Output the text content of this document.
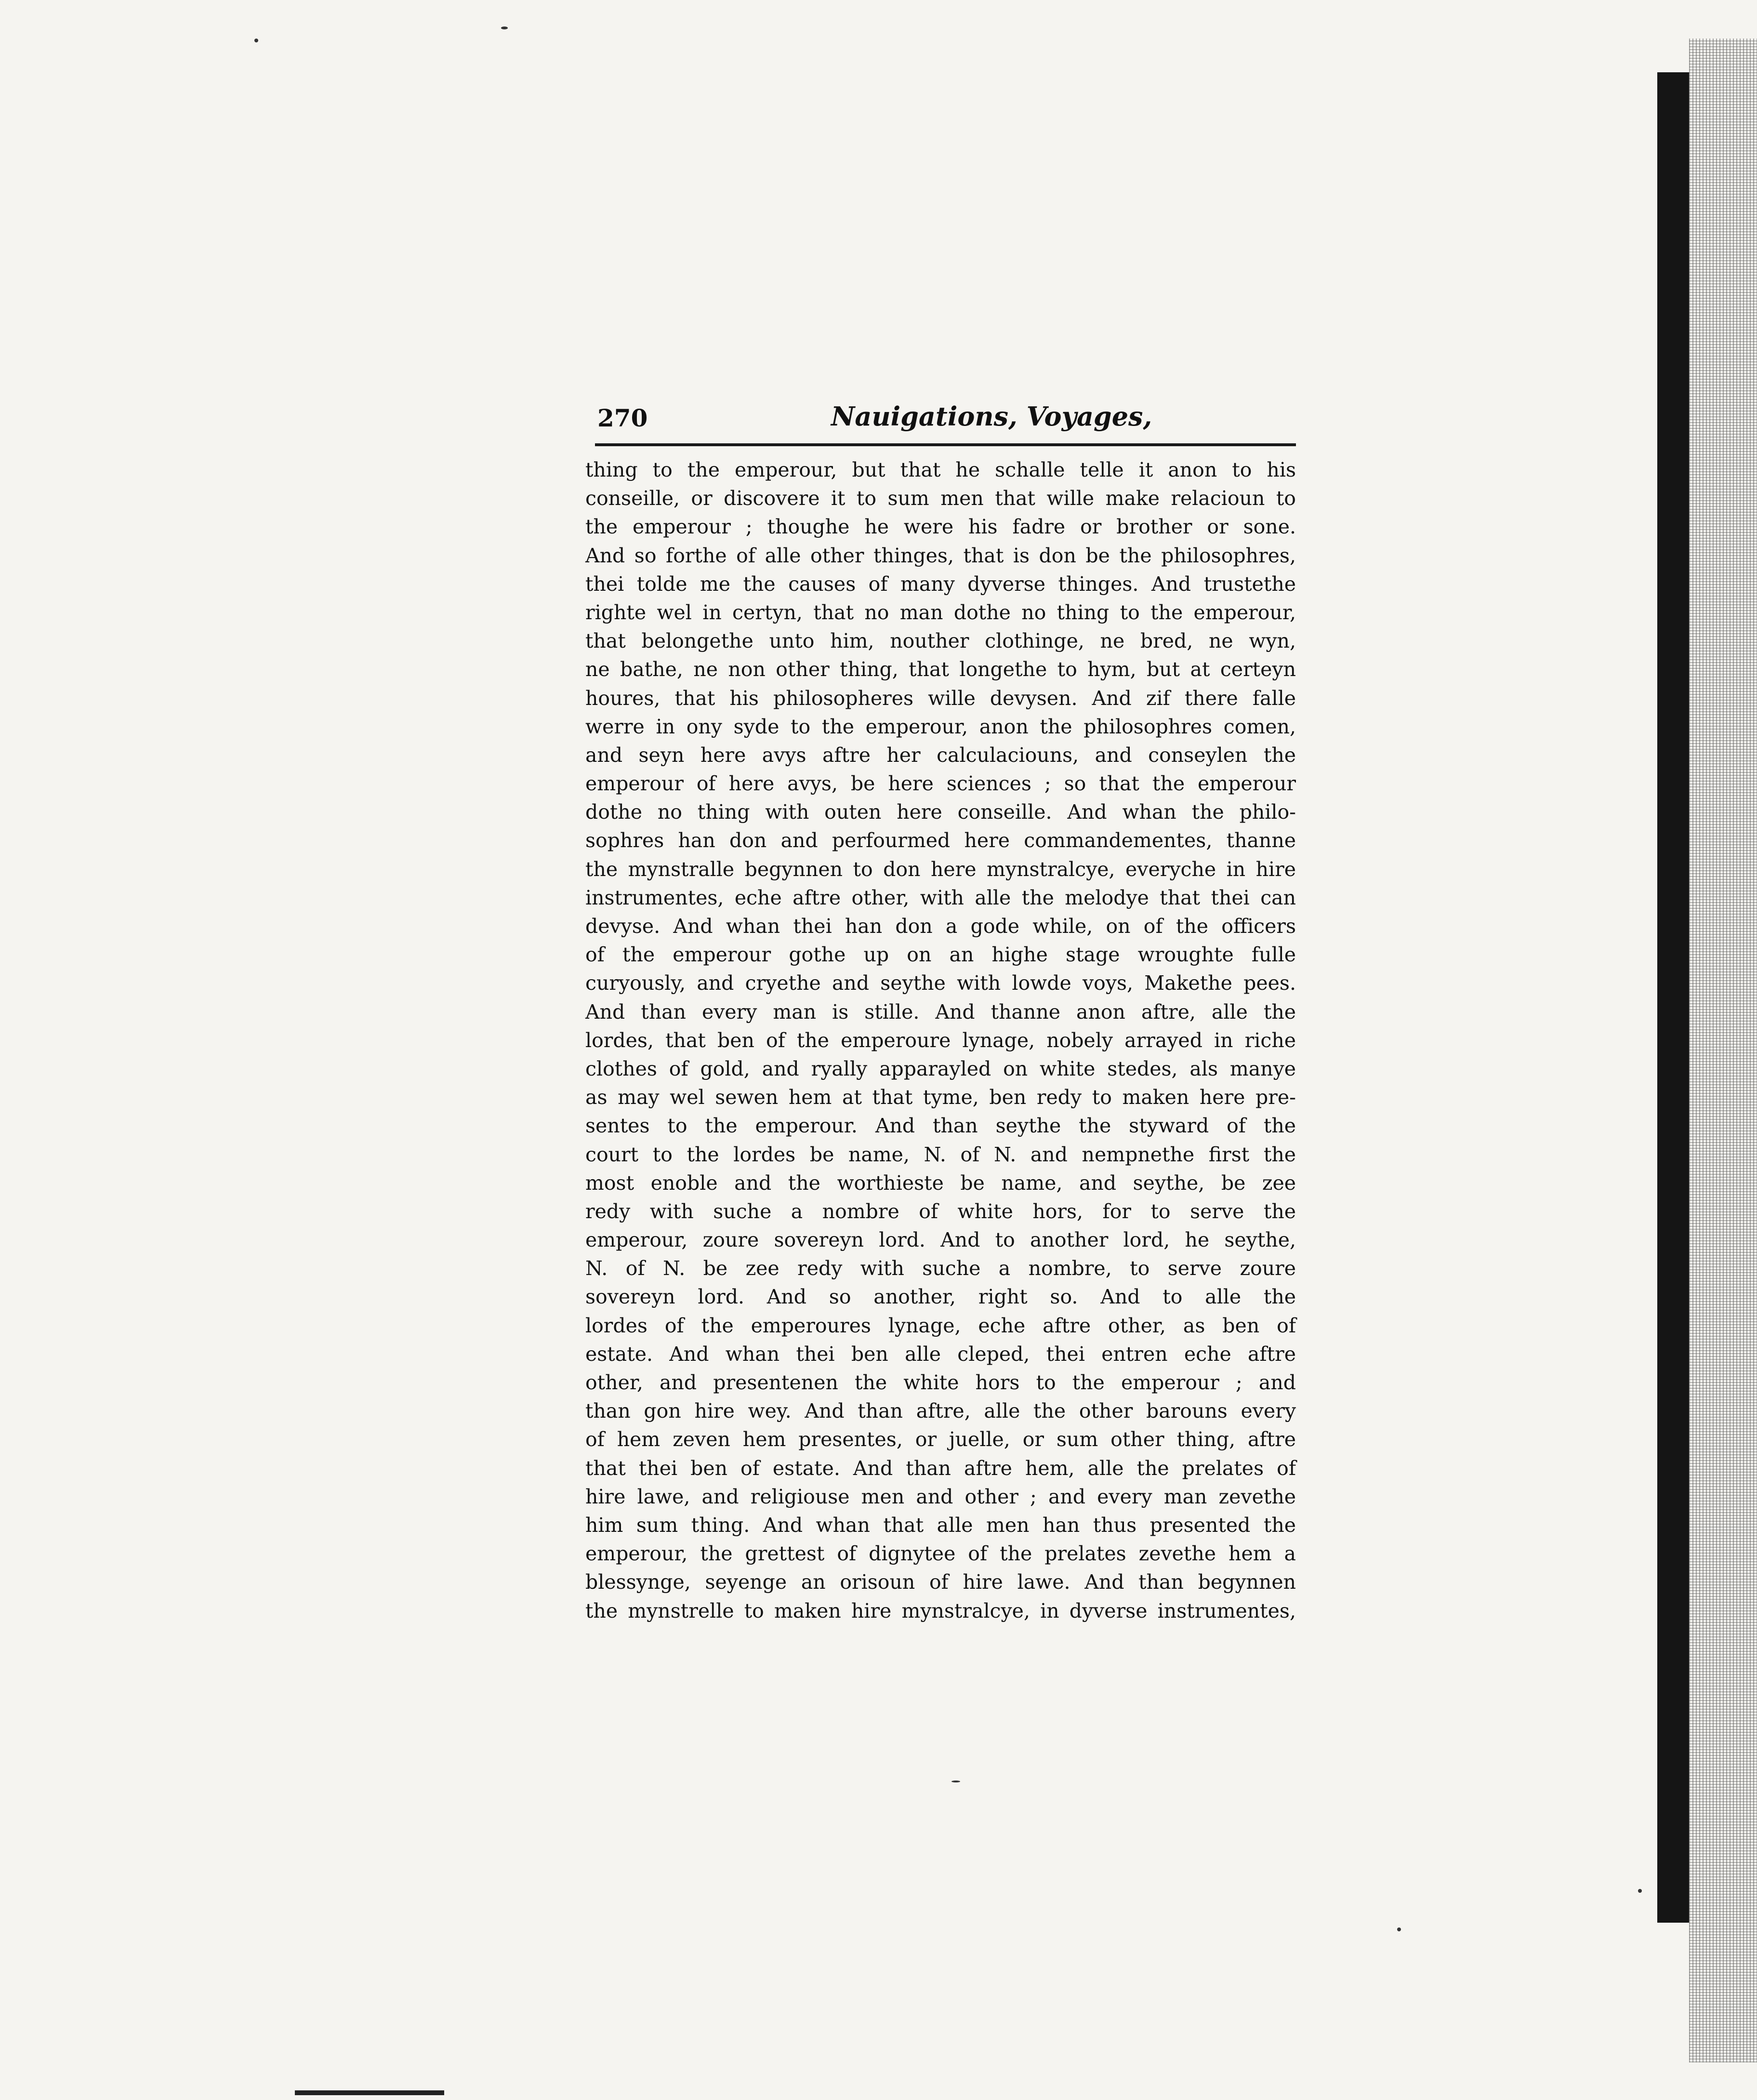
270	Nauigations, Voyages,
thing to the emperour, but that he schalle telle it anon to his
conseille, or discovere it to sum men that wille make relacioun to
the emperour ; thoughe he were his fadre or brother or sone.
And so forthe of alle other thinges, that is don be the philosophres,
thei tolde me the causes of many dyverse thinges. And trustethe
righte wel in certyn, that no man dothe no thing to the emperour,
that belongethe unto him, nouther clothinge, ne bred, ne wyn,
ne bathe, ne non other thing, that longethe to hym, but at certeyn
houres, that his philosopheres wille devysen. And zif there falle
werre in ony syde to the emperour, anon the philosophres comen,
and seyn here avys aftre her calculaciouns, and conseylen the
emperour of here avys, be here sciences ; so that the emperour
dothe no thing with outen here conseille. And whan the philo-
sophres han don and perfourmed here commandementes, thanne
the mynstralle begynnen to don here mynstralcye, everyche in hire
instrumentes, eche aftre other, with alle the melodye that thei can
devyse. And whan thei han don a gode while, on of the officers
of the emperour gothe up on an highe stage wroughte fulle
curyously, and cryethe and seythe with lowde voys, Makethe pees.
And than every man is stille. And thanne anon aftre, alle the
lordes, that ben of the emperoure lynage, nobely arrayed in riche
clothes of gold, and ryally apparayled on white stedes, als manye
as may wel sewen hem at that tyme, ben redy to maken here pre-
sentes to the emperour. And than seythe the styward of the
court to the lordes be name, N. of N. and nempnethe first the
most enoble and the worthieste be name, and seythe, be zee
redy with suche a nombre of white hors, for to serve the
emperour, zoure sovereyn lord. And to another lord, he seythe,
N. of N. be zee redy with suche a nombre, to serve zoure
sovereyn lord. And so another, right so. And to alle the
lordes of the emperoures lynage, eche aftre other, as ben of
estate. And whan thei ben alle cleped, thei entren eche aftre
other, and presentenen the white hors to the emperour ; and
than gon hire wey. And than aftre, alle the other barouns every
of hem zeven hem presentes, or juelle, or sum other thing, aftre
that thei ben of estate. And than aftre hem, alle the prelates of
hire lawe, and religiouse men and other ; and every man zevethe
him sum thing. And whan that alle men han thus presented the
emperour, the grettest of dignytee of the prelates zevethe hem a
blessynge, seyenge an orisoun of hire lawe. And than begynnen
the mynstrelle to maken hire mynstralcye, in dyverse instrumentes,
